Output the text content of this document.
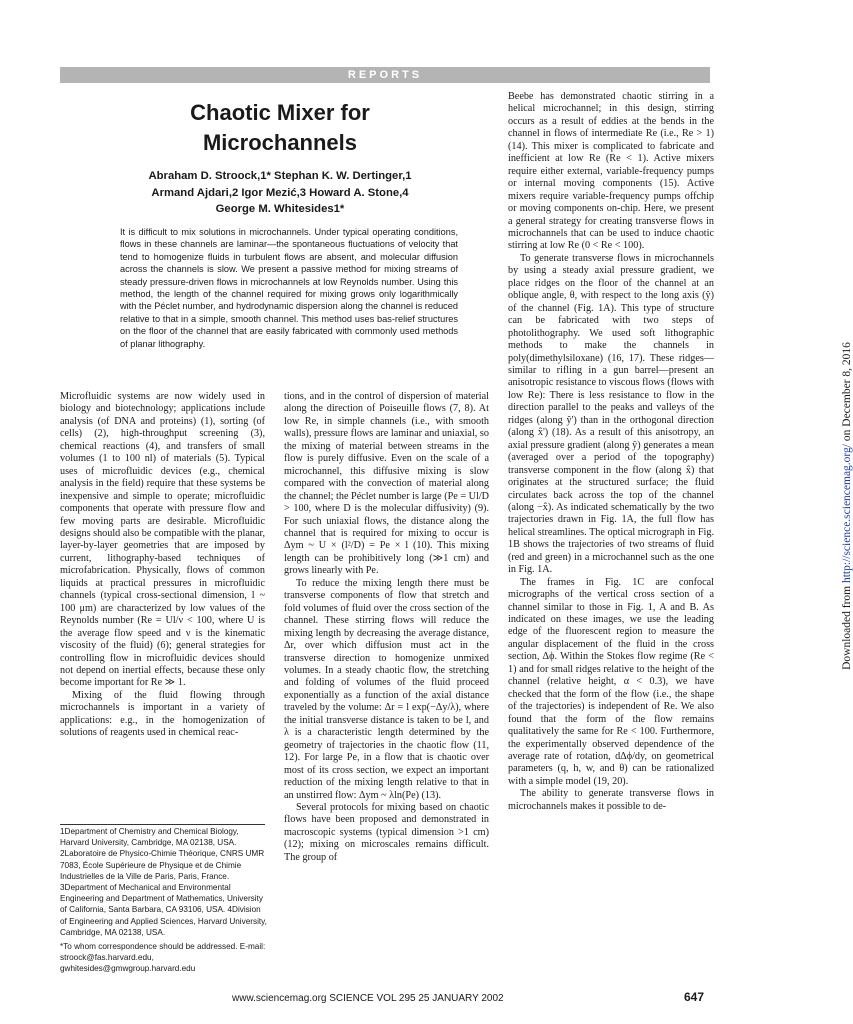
REPORTS
Chaotic Mixer for
Microchannels
Abraham D. Stroock,1* Stephan K. W. Dertinger,1
Armand Ajdari,2 Igor Mezić,3 Howard A. Stone,4
George M. Whitesides1*
It is difficult to mix solutions in microchannels. Under typical operating conditions, flows in these channels are laminar—the spontaneous fluctuations of velocity that tend to homogenize fluids in turbulent flows are absent, and molecular diffusion across the channels is slow. We present a passive method for mixing streams of steady pressure-driven flows in microchannels at low Reynolds number. Using this method, the length of the channel required for mixing grows only logarithmically with the Péclet number, and hydrodynamic dispersion along the channel is reduced relative to that in a simple, smooth channel. This method uses bas-relief structures on the floor of the channel that are easily fabricated with commonly used methods of planar lithography.

Microfluidic systems are now widely used in biology and biotechnology; applications include analysis (of DNA and proteins) (1), sorting (of cells) (2), high-throughput screening (3), chemical reactions (4), and transfers of small volumes (1 to 100 nl) of materials (5). Typical uses of microfluidic devices (e.g., chemical analysis in the field) require that these systems be inexpensive and simple to operate; microfluidic components that operate with pressure flow and few moving parts are desirable. Microfluidic designs should also be compatible with the planar, layer-by-layer geometries that are imposed by current, lithography-based techniques of microfabrication. Physically, flows of common liquids at practical pressures in microfluidic channels (typical cross-sectional dimension, l ~ 100 μm) are characterized by low values of the Reynolds number (Re = Ul/ν < 100, where U is the average flow speed and ν is the kinematic viscosity of the fluid) (6); general strategies for controlling flow in microfluidic devices should not depend on inertial effects, because these only become important for Re ≫ 1.

Mixing of the fluid flowing through microchannels is important in a variety of applications: e.g., in the homogenization of solutions of reagents used in chemical reac-

1Department of Chemistry and Chemical Biology, Harvard University, Cambridge, MA 02138, USA. 2Laboratoire de Physico-Chimie Théorique, CNRS UMR 7083, École Supérieure de Physique et de Chimie Industrielles de la Ville de Paris, Paris, France. 3Department of Mechanical and Environmental Engineering and Department of Mathematics, University of California, Santa Barbara, CA 93106, USA. 4Division of Engineering and Applied Sciences, Harvard University, Cambridge, MA 02138, USA.

*To whom correspondence should be addressed. E-mail: stroock@fas.harvard.edu, gwhitesides@gmwgroup.harvard.edu

tions, and in the control of dispersion of material along the direction of Poiseuille flows (7, 8). At low Re, in simple channels (i.e., with smooth walls), pressure flows are laminar and uniaxial, so the mixing of material between streams in the flow is purely diffusive. Even on the scale of a microchannel, this diffusive mixing is slow compared with the convection of material along the channel; the Péclet number is large (Pe = Ul/D > 100, where D is the molecular diffusivity) (9). For such uniaxial flows, the distance along the channel that is required for mixing to occur is Δym ~ U × (l²/D) = Pe × l (10). This mixing length can be prohibitively long (≫1 cm) and grows linearly with Pe.

To reduce the mixing length there must be transverse components of flow that stretch and fold volumes of fluid over the cross section of the channel. These stirring flows will reduce the mixing length by decreasing the average distance, Δr, over which diffusion must act in the transverse direction to homogenize unmixed volumes. In a steady chaotic flow, the stretching and folding of volumes of the fluid proceed exponentially as a function of the axial distance traveled by the volume: Δr = l exp(−Δy/λ), where the initial transverse distance is taken to be l, and λ is a characteristic length determined by the geometry of trajectories in the chaotic flow (11, 12). For large Pe, in a flow that is chaotic over most of its cross section, we expect an important reduction of the mixing length relative to that in an unstirred flow: Δym ~ λln(Pe) (13).

Several protocols for mixing based on chaotic flows have been proposed and demonstrated in macroscopic systems (typical dimension >1 cm) (12); mixing on microscales remains difficult. The group of

Beebe has demonstrated chaotic stirring in a helical microchannel; in this design, stirring occurs as a result of eddies at the bends in the channel in flows of intermediate Re (i.e., Re > 1) (14). This mixer is complicated to fabricate and inefficient at low Re (Re < 1). Active mixers require either external, variable-frequency pumps or internal moving components (15). Active mixers require variable-frequency pumps offchip or moving components on-chip. Here, we present a general strategy for creating transverse flows in microchannels that can be used to induce chaotic stirring at low Re (0 < Re < 100).

To generate transverse flows in microchannels by using a steady axial pressure gradient, we place ridges on the floor of the channel at an oblique angle, θ, with respect to the long axis (ŷ) of the channel (Fig. 1A). This type of structure can be fabricated with two steps of photolithography. We used soft lithographic methods to make the channels in poly(dimethylsiloxane) (16, 17). These ridges—similar to rifling in a gun barrel—present an anisotropic resistance to viscous flows (flows with low Re): There is less resistance to flow in the direction parallel to the peaks and valleys of the ridges (along ŷ') than in the orthogonal direction (along x̂') (18). As a result of this anisotropy, an axial pressure gradient (along ŷ) generates a mean (averaged over a period of the topography) transverse component in the flow (along x̂) that originates at the structured surface; the fluid circulates back across the top of the channel (along −x̂). As indicated schematically by the two trajectories drawn in Fig. 1A, the full flow has helical streamlines. The optical micrograph in Fig. 1B shows the trajectories of two streams of fluid (red and green) in a microchannel such as the one in Fig. 1A.

The frames in Fig. 1C are confocal micrographs of the vertical cross section of a channel similar to those in Fig. 1, A and B. As indicated on these images, we use the leading edge of the fluorescent region to measure the angular displacement of the fluid in the cross section, Δϕ. Within the Stokes flow regime (Re < 1) and for small ridges relative to the height of the channel (relative height, α < 0.3), we have checked that the form of the flow (i.e., the shape of the trajectories) is independent of Re. We also found that the form of the flow remains qualitatively the same for Re < 100. Furthermore, the experimentally observed dependence of the average rate of rotation, dΔϕ/dy, on geometrical parameters (q, h, w, and θ) can be rationalized with a simple model (19, 20).

The ability to generate transverse flows in microchannels makes it possible to de-

Downloaded from http://science.sciencemag.org/ on December 8, 2016
www.sciencemag.org SCIENCE VOL 295 25 JANUARY 2002	647
